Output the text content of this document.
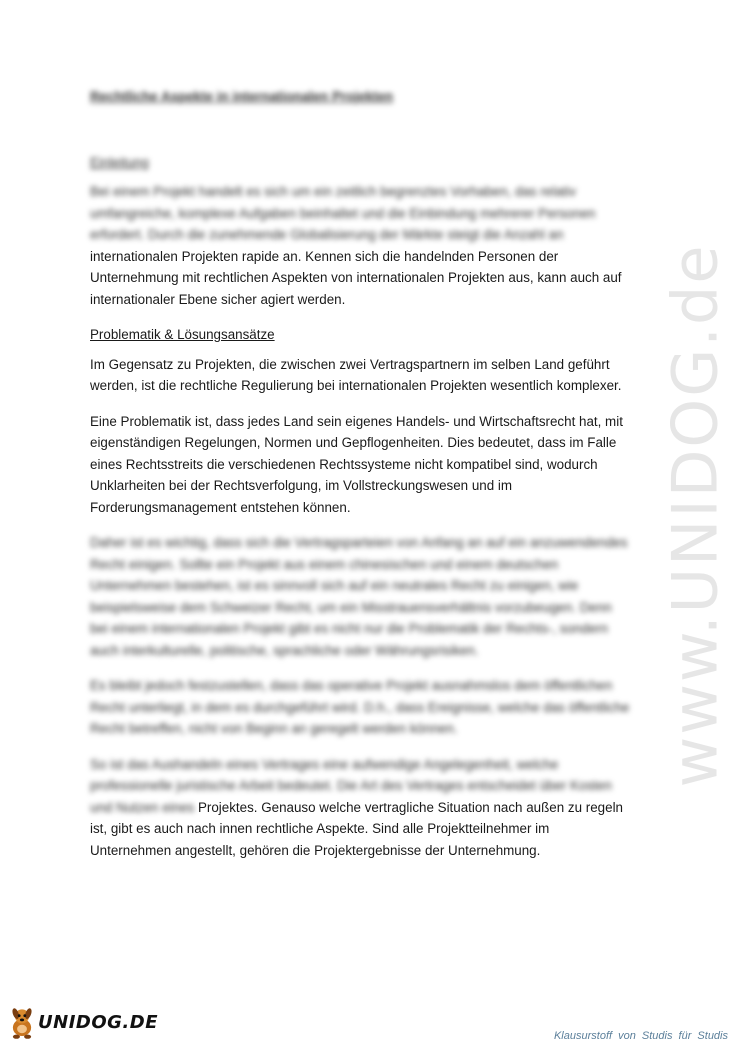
www.UNIDOG.de

Rechtliche Aspekte in internationalen Projekten

Einleitung

Bei einem Projekt handelt es sich um ein zeitlich begrenztes Vorhaben, das relativ umfangreiche, komplexe Aufgaben beinhaltet und die Einbindung mehrerer Personen erfordert. Durch die zunehmende Globalisierung der Märkte steigt die Anzahl an
internationalen Projekten rapide an. Kennen sich die handelnden Personen der
Unternehmung mit rechtlichen Aspekten von internationalen Projekten aus, kann auch auf internationaler Ebene sicher agiert werden.

Problematik & Lösungsansätze

Im Gegensatz zu Projekten, die zwischen zwei Vertragspartnern im selben Land geführt werden, ist die rechtliche Regulierung bei internationalen Projekten wesentlich komplexer.

Eine Problematik ist, dass jedes Land sein eigenes Handels- und Wirtschaftsrecht hat, mit eigenständigen Regelungen, Normen und Gepflogenheiten. Dies bedeutet, dass im Falle eines Rechtsstreits die verschiedenen Rechtssysteme nicht kompatibel sind, wodurch Unklarheiten bei der Rechtsverfolgung, im Vollstreckungswesen und im Forderungsmanagement entstehen können.

Daher ist es wichtig, dass sich die Vertragsparteien von Anfang an auf ein anzuwendendes Recht einigen. Sollte ein Projekt aus einem chinesischen und einem deutschen Unternehmen bestehen, ist es sinnvoll sich auf ein neutrales Recht zu einigen, wie beispielsweise dem Schweizer Recht, um ein Misstrauensverhältnis vorzubeugen. Denn bei einem internationalen Projekt gibt es nicht nur die Problematik der Rechts-, sondern auch interkulturelle, politische, sprachliche oder Währungsrisiken.

Es bleibt jedoch festzustellen, dass das operative Projekt ausnahmslos dem öffentlichen Recht unterliegt, in dem es durchgeführt wird. D.h., dass Ereignisse, welche das öffentliche Recht betreffen, nicht von Beginn an geregelt werden können.

So ist das Aushandeln eines Vertrages eine aufwendige Angelegenheit, welche professionelle juristische Arbeit bedeutet. Die Art des Vertrages entscheidet über Kosten und Nutzen eines Projektes. Genauso welche vertragliche Situation nach außen zu regeln ist, gibt es auch nach innen rechtliche Aspekte. Sind alle Projektteilnehmer im Unternehmen angestellt, gehören die Projektergebnisse der Unternehmung.

UNIDOG.DE
Klausurstoff von Studis für Studis
